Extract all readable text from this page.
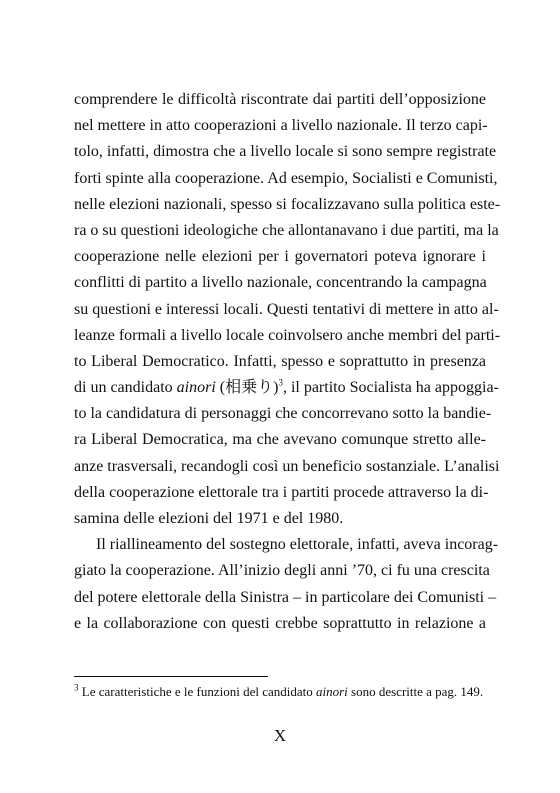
comprendere le difficoltà riscontrate dai partiti dell’opposizione
nel mettere in atto cooperazioni a livello nazionale. Il terzo capi-
tolo, infatti, dimostra che a livello locale si sono sempre registrate
forti spinte alla cooperazione. Ad esempio, Socialisti e Comunisti,
nelle elezioni nazionali, spesso si focalizzavano sulla politica este-
ra o su questioni ideologiche che allontanavano i due partiti, ma la
cooperazione nelle elezioni per i governatori poteva ignorare i
conflitti di partito a livello nazionale, concentrando la campagna
su questioni e interessi locali. Questi tentativi di mettere in atto al-
leanze formali a livello locale coinvolsero anche membri del parti-
to Liberal Democratico. Infatti, spesso e soprattutto in presenza
di un candidato ainori (相乗り)$^3$, il partito Socialista ha appoggia-
to la candidatura di personaggi che concorrevano sotto la bandie-
ra Liberal Democratica, ma che avevano comunque stretto alle-
anze trasversali, recandogli così un beneficio sostanziale. L’analisi
della cooperazione elettorale tra i partiti procede attraverso la di-
samina delle elezioni del 1971 e del 1980.
Il riallineamento del sostegno elettorale, infatti, aveva incorag-
giato la cooperazione. All’inizio degli anni ’70, ci fu una crescita
del potere elettorale della Sinistra – in particolare dei Comunisti –
e la collaborazione con questi crebbe soprattutto in relazione a
$^3$ Le caratteristiche e le funzioni del candidato ainori sono descritte a pag. 149.
X
